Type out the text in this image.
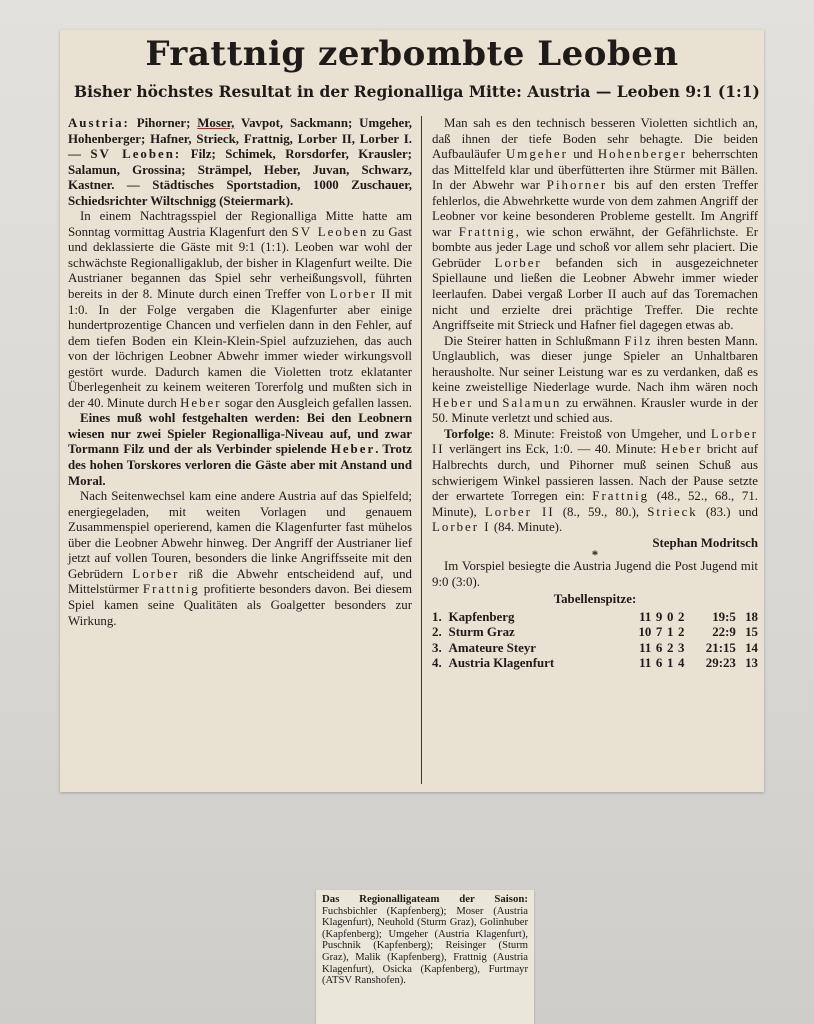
Frattnig zerbombte Leoben
Bisher höchstes Resultat in der Regionalliga Mitte: Austria — Leoben 9:1 (1:1)

Austria: Pihorner; Moser, Vavpot, Sackmann; Umgeher, Hohenberger; Hafner, Strieck, Frattnig, Lorber II, Lorber I. — SV Leoben: Filz; Schimek, Rorsdorfer, Krausler; Salamun, Grossina; Strämpel, Heber, Juvan, Schwarz, Kastner. — Städtisches Sportstadion, 1000 Zuschauer, Schiedsrichter Wiltschnigg (Steiermark).

In einem Nachtragsspiel der Regionalliga Mitte hatte am Sonntag vormittag Austria Klagenfurt den SV Leoben zu Gast und deklassierte die Gäste mit 9:1 (1:1). Leoben war wohl der schwächste Regionalligaklub, der bisher in Klagenfurt weilte. Die Austrianer begannen das Spiel sehr verheißungsvoll, führten bereits in der 8. Minute durch einen Treffer von Lorber II mit 1:0. In der Folge vergaben die Klagenfurter aber einige hundertprozentige Chancen und verfielen dann in den Fehler, auf dem tiefen Boden ein Klein-Klein-Spiel aufzuziehen, das auch von der löchrigen Leobner Abwehr immer wieder wirkungsvoll gestört wurde. Dadurch kamen die Violetten trotz eklatanter Überlegenheit zu keinem weiteren Torerfolg und mußten sich in der 40. Minute durch Heber sogar den Ausgleich gefallen lassen.

Eines muß wohl festgehalten werden: Bei den Leobnern wiesen nur zwei Spieler Regionalliga-Niveau auf, und zwar Tormann Filz und der als Verbinder spielende Heber. Trotz des hohen Torskores verloren die Gäste aber mit Anstand und Moral.

Nach Seitenwechsel kam eine andere Austria auf das Spielfeld; energiegeladen, mit weiten Vorlagen und genauem Zusammenspiel operierend, kamen die Klagenfurter fast mühelos über die Leobner Abwehr hinweg. Der Angriff der Austrianer lief jetzt auf vollen Touren, besonders die linke Angriffsseite mit den Gebrüdern Lorber riß die Abwehr entscheidend auf, und Mittelstürmer Frattnig profitierte besonders davon. Bei diesem Spiel kamen seine Qualitäten als Goalgetter besonders zur Wirkung.

Man sah es den technisch besseren Violetten sichtlich an, daß ihnen der tiefe Boden sehr behagte. Die beiden Aufbauläufer Umgeher und Hohenberger beherrschten das Mittelfeld klar und überfütterten ihre Stürmer mit Bällen. In der Abwehr war Pihorner bis auf den ersten Treffer fehlerlos, die Abwehrkette wurde von dem zahmen Angriff der Leobner vor keine besonderen Probleme gestellt. Im Angriff war Frattnig, wie schon erwähnt, der Gefährlichste. Er bombte aus jeder Lage und schoß vor allem sehr placiert. Die Gebrüder Lorber befanden sich in ausgezeichneter Spiellaune und ließen die Leobner Abwehr immer wieder leerlaufen. Dabei vergaß Lorber II auch auf das Toremachen nicht und erzielte drei prächtige Treffer. Die rechte Angriffseite mit Strieck und Hafner fiel dagegen etwas ab.

Die Steirer hatten in Schlußmann Filz ihren besten Mann. Unglaublich, was dieser junge Spieler an Unhaltbaren herausholte. Nur seiner Leistung war es zu verdanken, daß es keine zweistellige Niederlage wurde. Nach ihm wären noch Heber und Salamun zu erwähnen. Krausler wurde in der 50. Minute verletzt und schied aus.

Torfolge: 8. Minute: Freistoß von Umgeher, und Lorber II verlängert ins Eck, 1:0. — 40. Minute: Heber bricht auf Halbrechts durch, und Pihorner muß seinen Schuß aus schwierigem Winkel passieren lassen. Nach der Pause setzte der erwartete Torregen ein: Frattnig (48., 52., 68., 71. Minute), Lorber II (8., 59., 80.), Strieck (83.) und Lorber I (84. Minute).

Stephan Modritsch

*

Im Vorspiel besiegte die Austria Jugend die Post Jugend mit 9:0 (3:0).

Tabellenspitze:

1.	Kapfenberg	11	9	0	2	19:5	18
2.	Sturm Graz	10	7	1	2	22:9	15
3.	Amateure Steyr	11	6	2	3	21:15	14
4.	Austria Klagenfurt	11	6	1	4	29:23	13
Das Regionalligateam der Saison: Fuchsbichler (Kapfenberg); Moser (Austria Klagenfurt), Neuhold (Sturm Graz), Golinhuber (Kapfenberg); Umgeher (Austria Klagenfurt), Puschnik (Kapfenberg); Reisinger (Sturm Graz), Malik (Kapfenberg), Frattnig (Austria Klagenfurt), Osicka (Kapfenberg), Furtmayr (ATSV Ranshofen).
